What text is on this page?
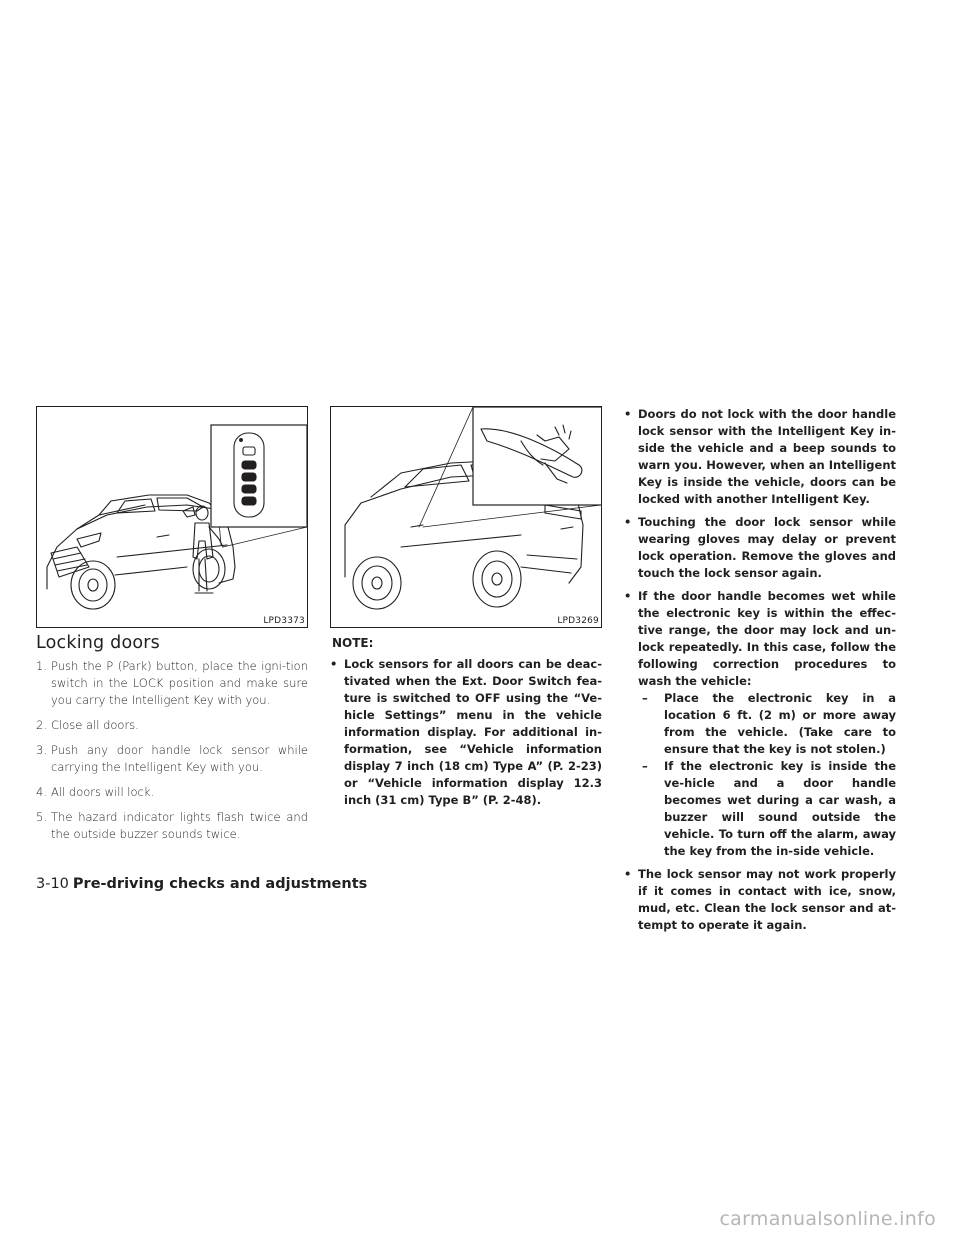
LPD3373	LPD3269
Locking doors
1. Push the P (Park) button, place the igni-tion switch in the LOCK position and make sure you carry the Intelligent Key with you.
2. Close all doors.
3. Push any door handle lock sensor while carrying the Intelligent Key with you.
4. All doors will lock.
5. The hazard indicator lights flash twice and the outside buzzer sounds twice.
NOTE:
• Lock sensors for all doors can be deac-tivated when the Ext. Door Switch fea-ture is switched to OFF using the “Ve-hicle Settings” menu in the vehicle information display. For additional in-formation, see “Vehicle information display 7 inch (18 cm) Type A” (P. 2-23) or “Vehicle information display 12.3 inch (31 cm) Type B” (P. 2-48).
• Doors do not lock with the door handle lock sensor with the Intelligent Key in-side the vehicle and a beep sounds to warn you. However, when an Intelligent Key is inside the vehicle, doors can be locked with another Intelligent Key.
• Touching the door lock sensor while wearing gloves may delay or prevent lock operation. Remove the gloves and touch the lock sensor again.
• If the door handle becomes wet while the electronic key is within the effec-tive range, the door may lock and un-lock repeatedly. In this case, follow the following correction procedures to wash the vehicle:
–	Place the electronic key in a location 6 ft. (2 m) or more away from the vehicle. (Take care to ensure that the key is not stolen.)
–	If the electronic key is inside the ve-hicle and a door handle becomes wet during a car wash, a buzzer will sound outside the vehicle. To turn off the alarm, away the key from the in-side vehicle.
• The lock sensor may not work properly if it comes in contact with ice, snow, mud, etc. Clean the lock sensor and at-tempt to operate it again.
3-10 Pre-driving checks and adjustments
carmanualsonline.info
